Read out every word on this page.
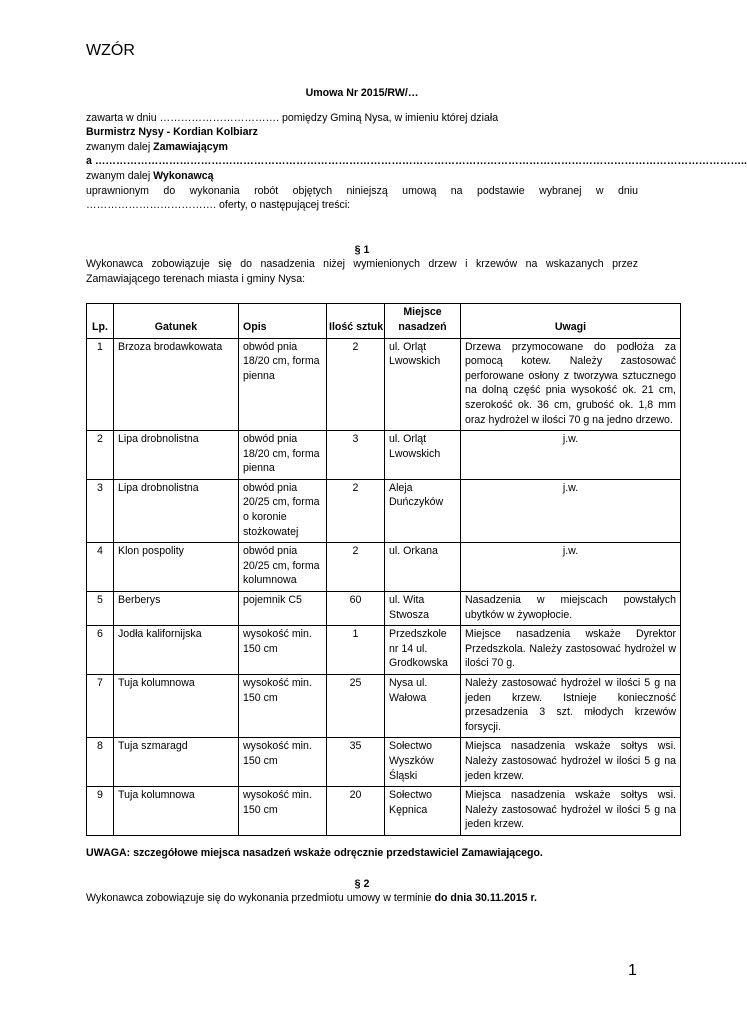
WZÓR
Umowa Nr 2015/RW/…
zawarta w dniu ……………………………. pomiędzy Gminą Nysa, w imieniu której działa
Burmistrz Nysy - Kordian Kolbiarz
zwanym dalej Zamawiającym
a …………………………………………………………………………………………………………………………………………………………………..
zwanym dalej Wykonawcą
uprawnionym do wykonania robót objętych niniejszą umową na podstawie wybranej w dniu
………………………………. oferty, o następującej treści:
§ 1
Wykonawca zobowiązuje się do nasadzenia niżej wymienionych drzew i krzewów na wskazanych przez
Zamawiającego terenach miasta i gminy Nysa:
Lp.	Gatunek	Opis	Ilość sztuk	Miejsce nasadzeń	Uwagi
1	Brzoza brodawkowata	obwód pnia 18/20 cm, forma pienna	2	ul. Orląt Lwowskich	Drzewa przymocowane do podłoża za pomocą kotew. Należy zastosować perforowane osłony z tworzywa sztucznego na dolną część pnia wysokość ok. 21 cm, szerokość ok. 36 cm, grubość ok. 1,8 mm oraz hydrożel w ilości 70 g na jedno drzewo.
2	Lipa drobnolistna	obwód pnia 18/20 cm, forma pienna	3	ul. Orląt Lwowskich	j.w.
3	Lipa drobnolistna	obwód pnia 20/25 cm, forma o koronie stożkowatej	2	Aleja Duńczyków	j.w.
4	Klon pospolity	obwód pnia 20/25 cm, forma kolumnowa	2	ul. Orkana	j.w.
5	Berberys	pojemnik C5	60	ul. Wita Stwosza	Nasadzenia w miejscach powstałych ubytków w żywopłocie.
6	Jodła kalifornijska	wysokość min. 150 cm	1	Przedszkole nr 14 ul. Grodkowska	Miejsce nasadzenia wskaże Dyrektor Przedszkola. Należy zastosować hydrożel w ilości 70 g.
7	Tuja kolumnowa	wysokość min. 150 cm	25	Nysa ul. Wałowa	Należy zastosować hydrożel w ilości 5 g na jeden krzew. Istnieje konieczność przesadzenia 3 szt. młodych krzewów forsycji.
8	Tuja szmaragd	wysokość min. 150 cm	35	Sołectwo Wyszków Śląski	Miejsca nasadzenia wskaże sołtys wsi. Należy zastosować hydrożel w ilości 5 g na jeden krzew.
9	Tuja kolumnowa	wysokość min. 150 cm	20	Sołectwo Kępnica	Miejsca nasadzenia wskaże sołtys wsi. Należy zastosować hydrożel w ilości 5 g na jeden krzew.
UWAGA: szczegółowe miejsca nasadzeń wskaże odręcznie przedstawiciel Zamawiającego.
§ 2
Wykonawca zobowiązuje się do wykonania przedmiotu umowy w terminie do dnia 30.11.2015 r.
1
